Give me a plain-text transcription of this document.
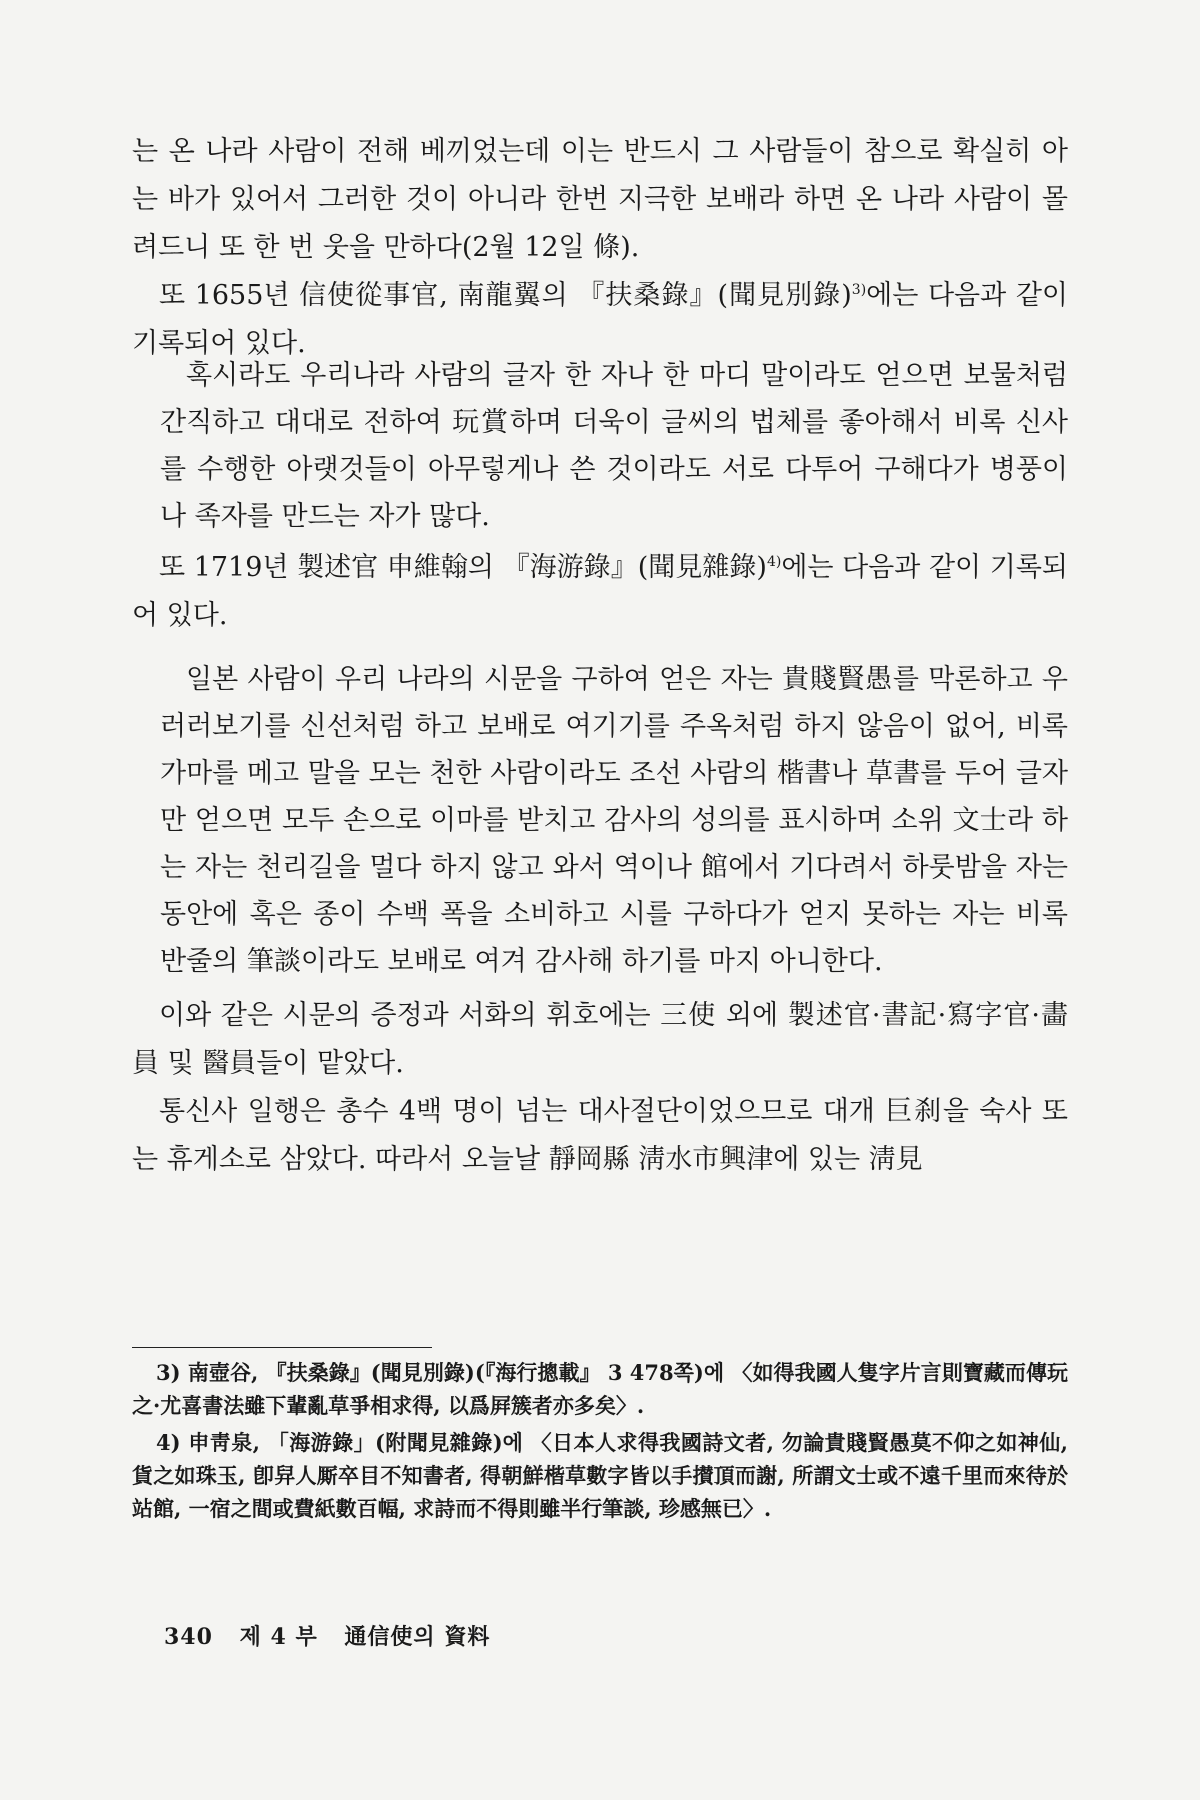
는 온 나라 사람이 전해 베끼었는데 이는 반드시 그 사람들이 참으로 확실히 아는 바가 있어서 그러한 것이 아니라 한번 지극한 보배라 하면 온 나라 사람이 몰려드니 또 한 번 웃을 만하다(2월 12일 條).

또 1655년 信使從事官, 南龍翼의 『扶桑錄』(聞見別錄)$^{3)}$에는 다음과 같이 기록되어 있다.

혹시라도 우리나라 사람의 글자 한 자나 한 마디 말이라도 얻으면 보물처럼 간직하고 대대로 전하여 玩賞하며 더욱이 글씨의 법체를 좋아해서 비록 신사를 수행한 아랫것들이 아무렇게나 쓴 것이라도 서로 다투어 구해다가 병풍이나 족자를 만드는 자가 많다.

또 1719년 製述官 申維翰의 『海游錄』(聞見雜錄)$^{4)}$에는 다음과 같이 기록되어 있다.

일본 사람이 우리 나라의 시문을 구하여 얻은 자는 貴賤賢愚를 막론하고 우러러보기를 신선처럼 하고 보배로 여기기를 주옥처럼 하지 않음이 없어, 비록 가마를 메고 말을 모는 천한 사람이라도 조선 사람의 楷書나 草書를 두어 글자만 얻으면 모두 손으로 이마를 받치고 감사의 성의를 표시하며 소위 文士라 하는 자는 천리길을 멀다 하지 않고 와서 역이나 館에서 기다려서 하룻밤을 자는 동안에 혹은 종이 수백 폭을 소비하고 시를 구하다가 얻지 못하는 자는 비록 반줄의 筆談이라도 보배로 여겨 감사해 하기를 마지 아니한다.

이와 같은 시문의 증정과 서화의 휘호에는 三使 외에 製述官·書記·寫字官·畵員 및 醫員들이 맡았다.

통신사 일행은 총수 4백 명이 넘는 대사절단이었으므로 대개 巨刹을 숙사 또는 휴게소로 삼았다. 따라서 오늘날 靜岡縣 淸水市興津에 있는 淸見

3) 南壺谷, 『扶桑錄』(聞見別錄)(『海行摠載』 3 478쪽)에 〈如得我國人隻字片言則寶藏而傳玩之·尤喜書法雖下輩亂草爭相求得, 以爲屛簇者亦多矣〉.

4) 申靑泉, 「海游錄」(附聞見雜錄)에 〈日本人求得我國詩文者, 勿論貴賤賢愚莫不仰之如神仙, 貨之如珠玉, 卽舁人厮卒目不知書者, 得朝鮮楷草數字皆以手攅頂而謝, 所謂文士或不遠千里而來待於站館, 一宿之間或費紙數百幅, 求詩而不得則雖半行筆談, 珍感無已〉.

340 제 4 부 通信使의 資料
